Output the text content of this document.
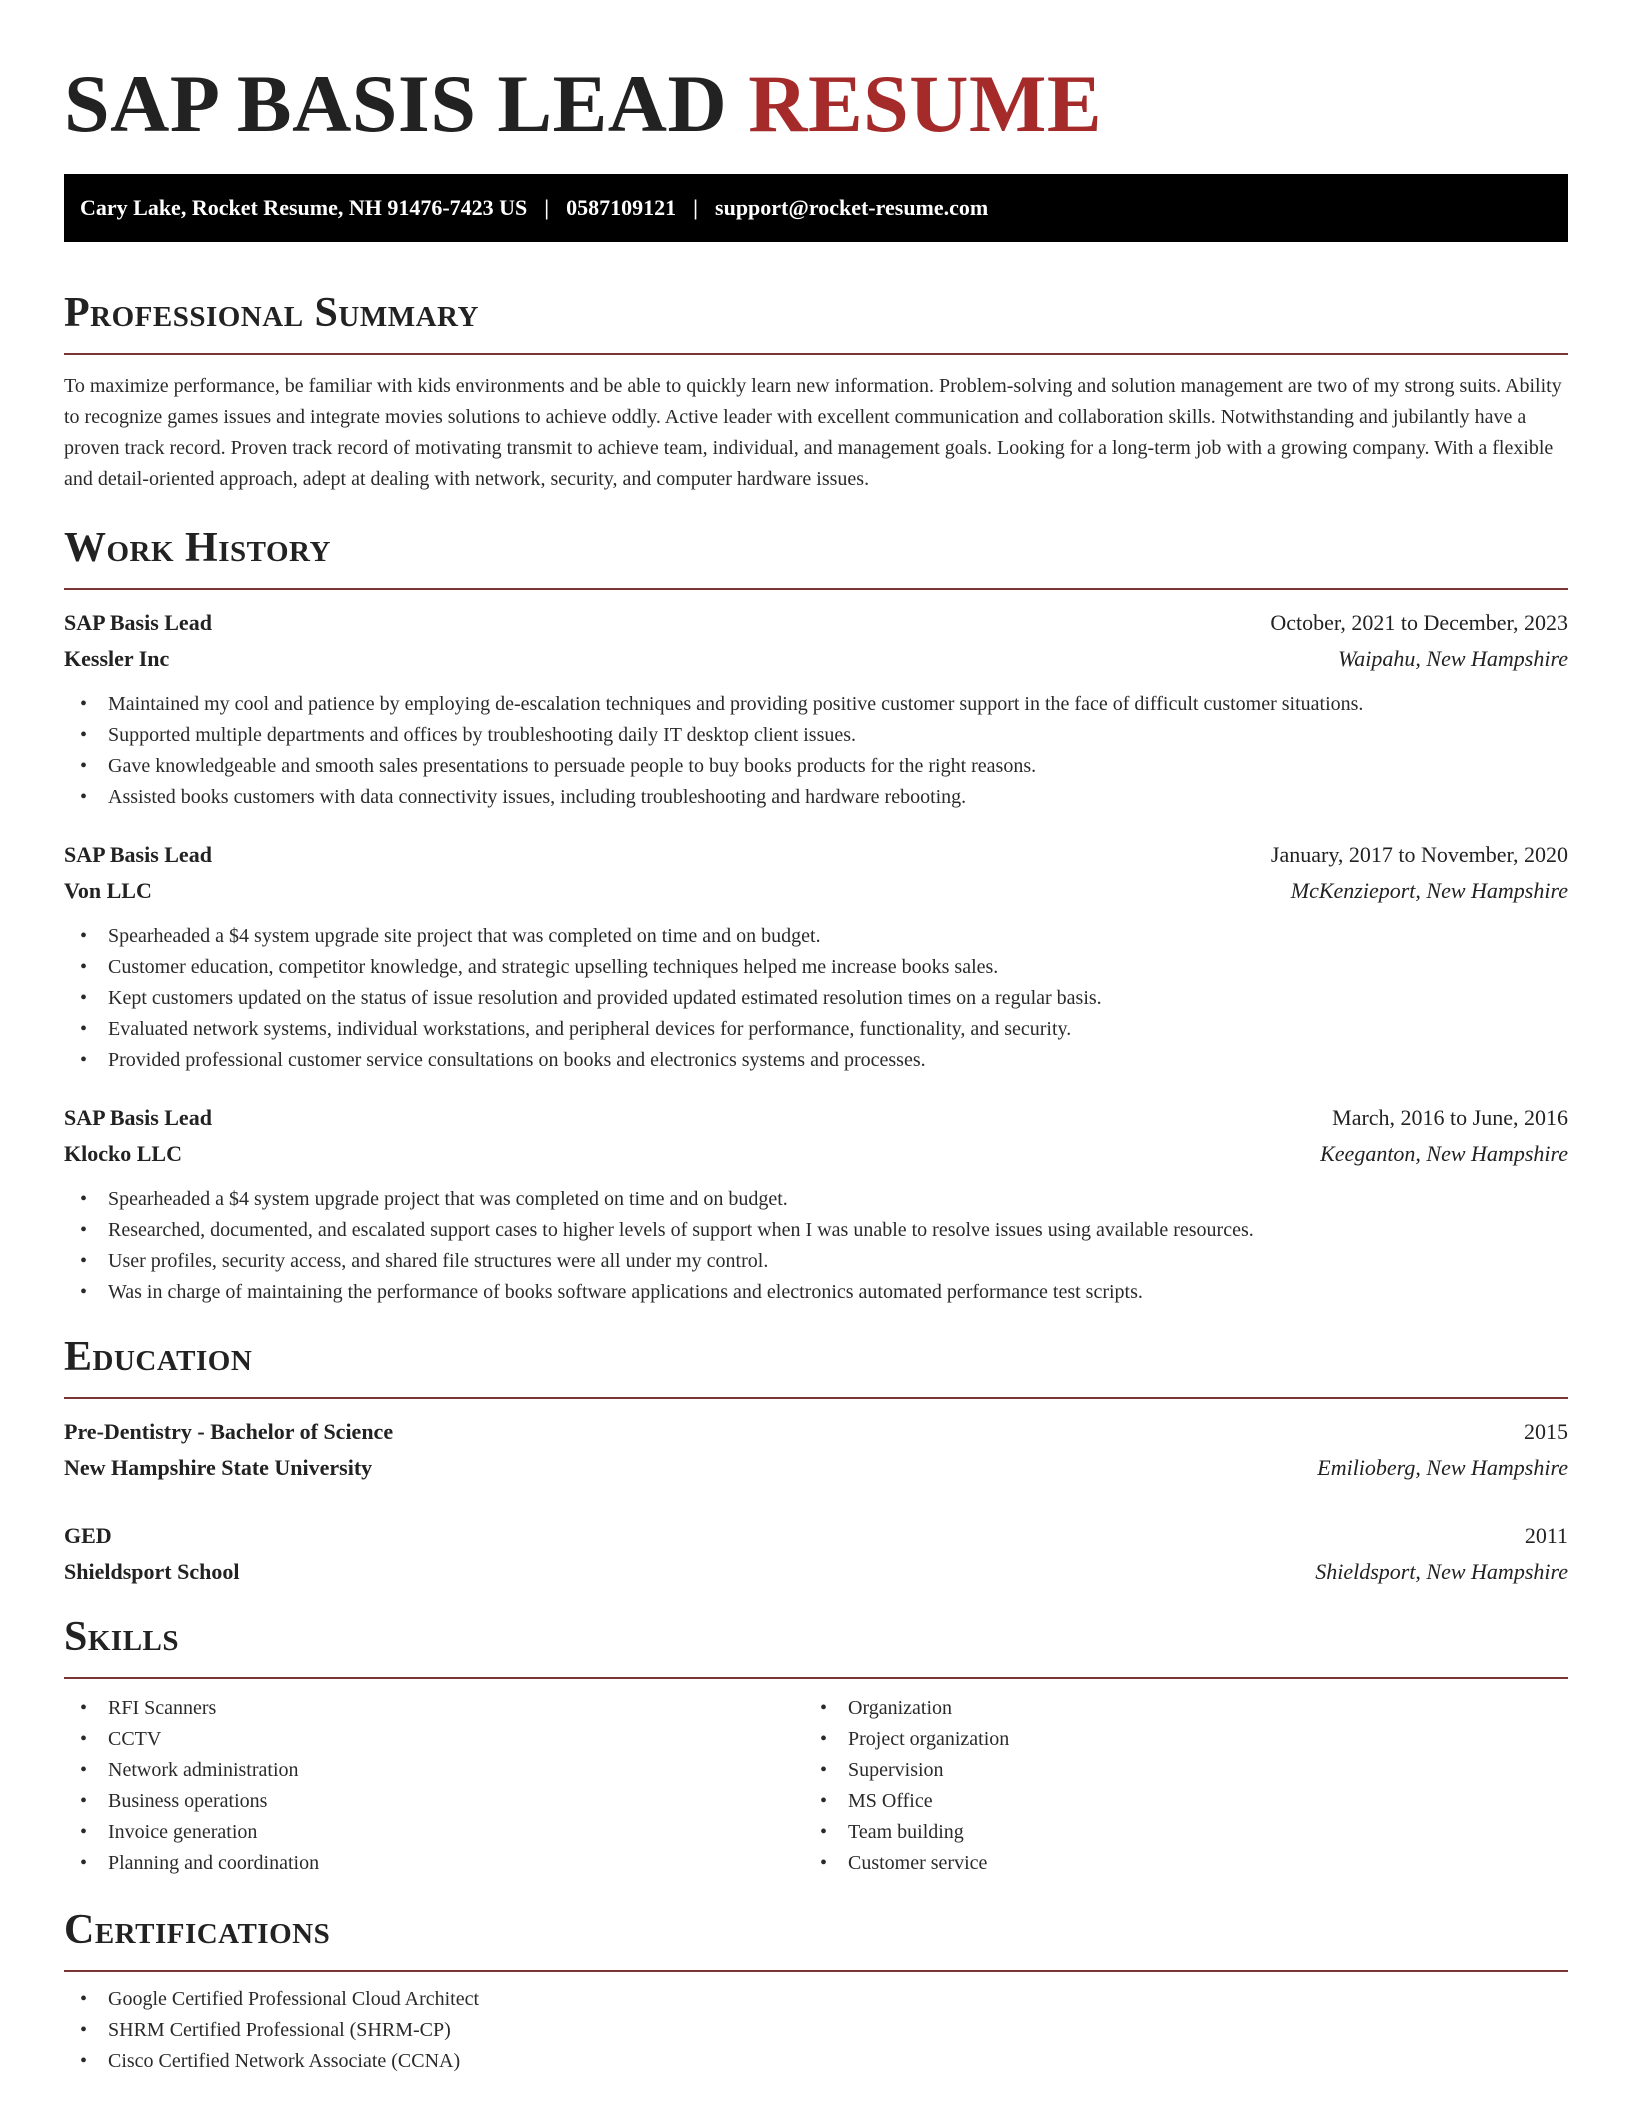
SAP BASIS LEAD RESUME
Cary Lake, Rocket Resume, NH 91476-7423 US | 0587109121 | support@rocket-resume.com
Professional Summary

To maximize performance, be familiar with kids environments and be able to quickly learn new information. Problem-solving and solution management are two of my strong suits. Ability to recognize games issues and integrate movies solutions to achieve oddly. Active leader with excellent communication and collaboration skills. Notwithstanding and jubilantly have a proven track record. Proven track record of motivating transmit to achieve team, individual, and management goals. Looking for a long-term job with a growing company. With a flexible and detail-oriented approach, adept at dealing with network, security, and computer hardware issues.

Work History
SAP Basis Lead	October, 2021 to December, 2023
Kessler Inc	Waipahu, New Hampshire
• Maintained my cool and patience by employing de-escalation techniques and providing positive customer support in the face of difficult customer situations.
• Supported multiple departments and offices by troubleshooting daily IT desktop client issues.
• Gave knowledgeable and smooth sales presentations to persuade people to buy books products for the right reasons.
• Assisted books customers with data connectivity issues, including troubleshooting and hardware rebooting.
SAP Basis Lead	January, 2017 to November, 2020
Von LLC	McKenzieport, New Hampshire
• Spearheaded a $4 system upgrade site project that was completed on time and on budget.
• Customer education, competitor knowledge, and strategic upselling techniques helped me increase books sales.
• Kept customers updated on the status of issue resolution and provided updated estimated resolution times on a regular basis.
• Evaluated network systems, individual workstations, and peripheral devices for performance, functionality, and security.
• Provided professional customer service consultations on books and electronics systems and processes.
SAP Basis Lead	March, 2016 to June, 2016
Klocko LLC	Keeganton, New Hampshire
• Spearheaded a $4 system upgrade project that was completed on time and on budget.
• Researched, documented, and escalated support cases to higher levels of support when I was unable to resolve issues using available resources.
• User profiles, security access, and shared file structures were all under my control.
• Was in charge of maintaining the performance of books software applications and electronics automated performance test scripts.
Education
Pre-Dentistry - Bachelor of Science	2015
New Hampshire State University	Emilioberg, New Hampshire
GED	2011
Shieldsport School	Shieldsport, New Hampshire
Skills
• RFI Scanners
• CCTV
• Network administration
• Business operations
• Invoice generation
• Planning and coordination
• Organization
• Project organization
• Supervision
• MS Office
• Team building
• Customer service
Certifications
• Google Certified Professional Cloud Architect
• SHRM Certified Professional (SHRM-CP)
• Cisco Certified Network Associate (CCNA)
